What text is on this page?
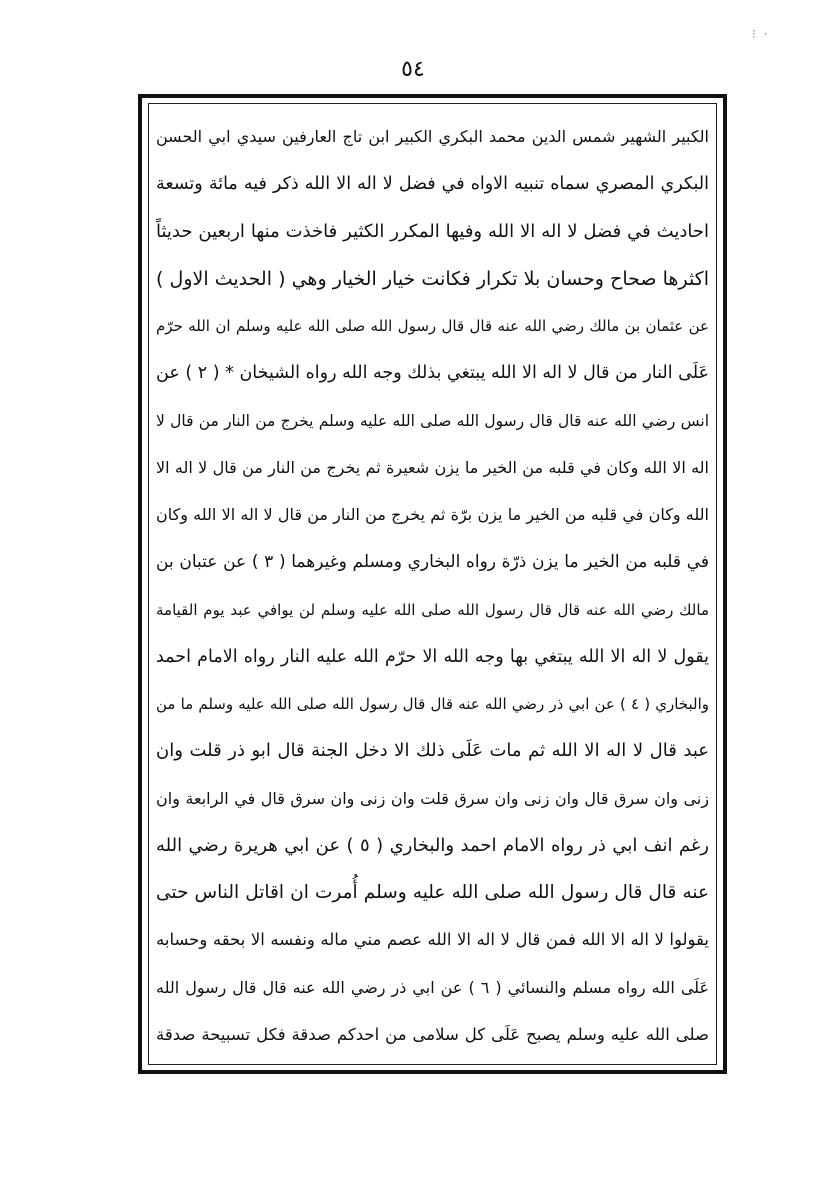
⁝ ·
٥٤
الكبير الشهير شمس الدين محمد البكري الكبير ابن تاج العارفين سيدي ابي الحسن
البكري المصري سماه تنبيه الاواه في فضل لا اله الا الله ذكر فيه مائة وتسعة
احاديث في فضل لا اله الا الله وفيها المكرر الكثير فاخذت منها اربعين حديثاً
اكثرها صحاح وحسان بلا تكرار فكانت خيار الخيار وهي ( الحديث الاول )
عن عثمان بن مالك رضي الله عنه قال قال رسول الله صلى الله عليه وسلم ان الله حرّم
عَلَى النار من قال لا اله الا الله يبتغي بذلك وجه الله رواه الشيخان * ( ٢ ) عن
انس رضي الله عنه قال قال رسول الله صلى الله عليه وسلم يخرج من النار من قال لا
اله الا الله وكان في قلبه من الخير ما يزن شعيرة ثم يخرج من النار من قال لا اله الا
الله وكان في قلبه من الخير ما يزن برّة ثم يخرج من النار من قال لا اله الا الله وكان
في قلبه من الخير ما يزن ذرّة رواه البخاري ومسلم وغيرهما ( ٣ ) عن عتبان بن
مالك رضي الله عنه قال قال رسول الله صلى الله عليه وسلم لن يوافي عبد يوم القيامة
يقول لا اله الا الله يبتغي بها وجه الله الا حرّم الله عليه النار رواه الامام احمد
والبخاري ( ٤ ) عن ابي ذر رضي الله عنه قال قال رسول الله صلى الله عليه وسلم ما من
عبد قال لا اله الا الله ثم مات عَلَى ذلك الا دخل الجنة قال ابو ذر قلت وان
زنى وان سرق قال وان زنى وان سرق قلت وان زنى وان سرق قال في الرابعة وان
رغم انف ابي ذر رواه الامام احمد والبخاري ( ٥ ) عن ابي هريرة رضي الله
عنه قال قال رسول الله صلى الله عليه وسلم أُمرت ان اقاتل الناس حتى
يقولوا لا اله الا الله فمن قال لا اله الا الله عصم مني ماله ونفسه الا بحقه وحسابه
عَلَى الله رواه مسلم والنسائي ( ٦ ) عن ابي ذر رضي الله عنه قال قال رسول الله
صلى الله عليه وسلم يصبح عَلَى كل سلامى من احدكم صدقة فكل تسبيحة صدقة
